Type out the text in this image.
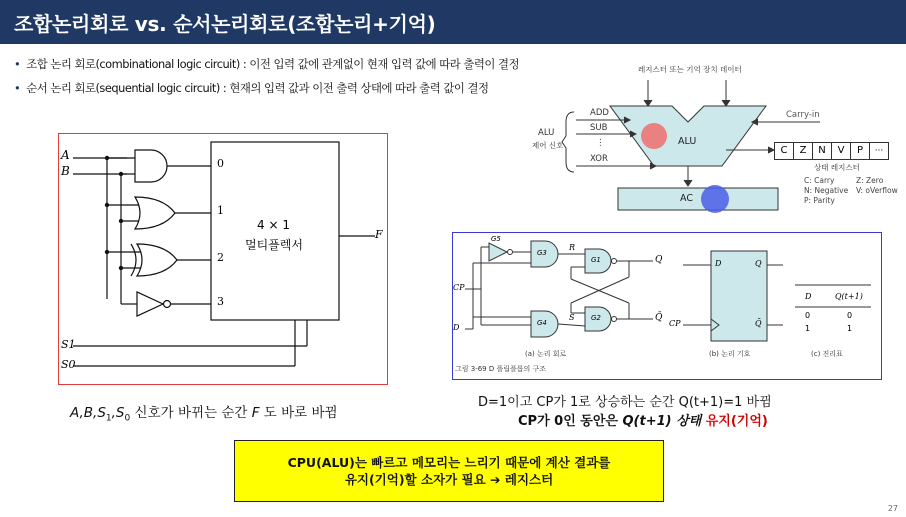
조합논리회로 vs. 순서논리회로(조합논리+기억)
• 조합 논리 회로(combinational logic circuit) : 이전 입력 값에 관계없이 현재 입력 값에 따라 출력이 결정
• 순서 논리 회로(sequential logic circuit) : 현재의 입력 값과 이전 출력 상태에 따라 출력 값이 결정
A
B
0
1
2
3
4 × 1
멀티플렉서
F
S1
S0
$A,B,S_1,S_0$ 신호가 바뀌는 순간 F 도 바로 바뀜
레지스터 또는 기억 장치 데이터
ALU
제어 신호
ADD
SUB
⋮
XOR
ALU
Carry-in
C	Z	N	V	P	···
상태 레지스터
C: Carry	Z: Zero
N: Negative V: oVerflow
P: Parity
AC
G5
G3
G1
G4
G2
R
S
Q
Q̄
CP
D
D	Q
Q̄
CP
D	Q(t+1)
0	0
1	1
(a) 논리 회로	(b) 논리 기호	(c) 진리표
그림 3-69 D 플립플롭의 구조
D=1이고 CP가 1로 상승하는 순간 Q(t+1)=1 바뀜
CP가 0인 동안은 Q(t+1) 상태 유지(기억)
CPU(ALU)는 빠르고 메모리는 느리기 때문에 계산 결과를
유지(기억)할 소자가 필요 ➔ 레지스터
27
